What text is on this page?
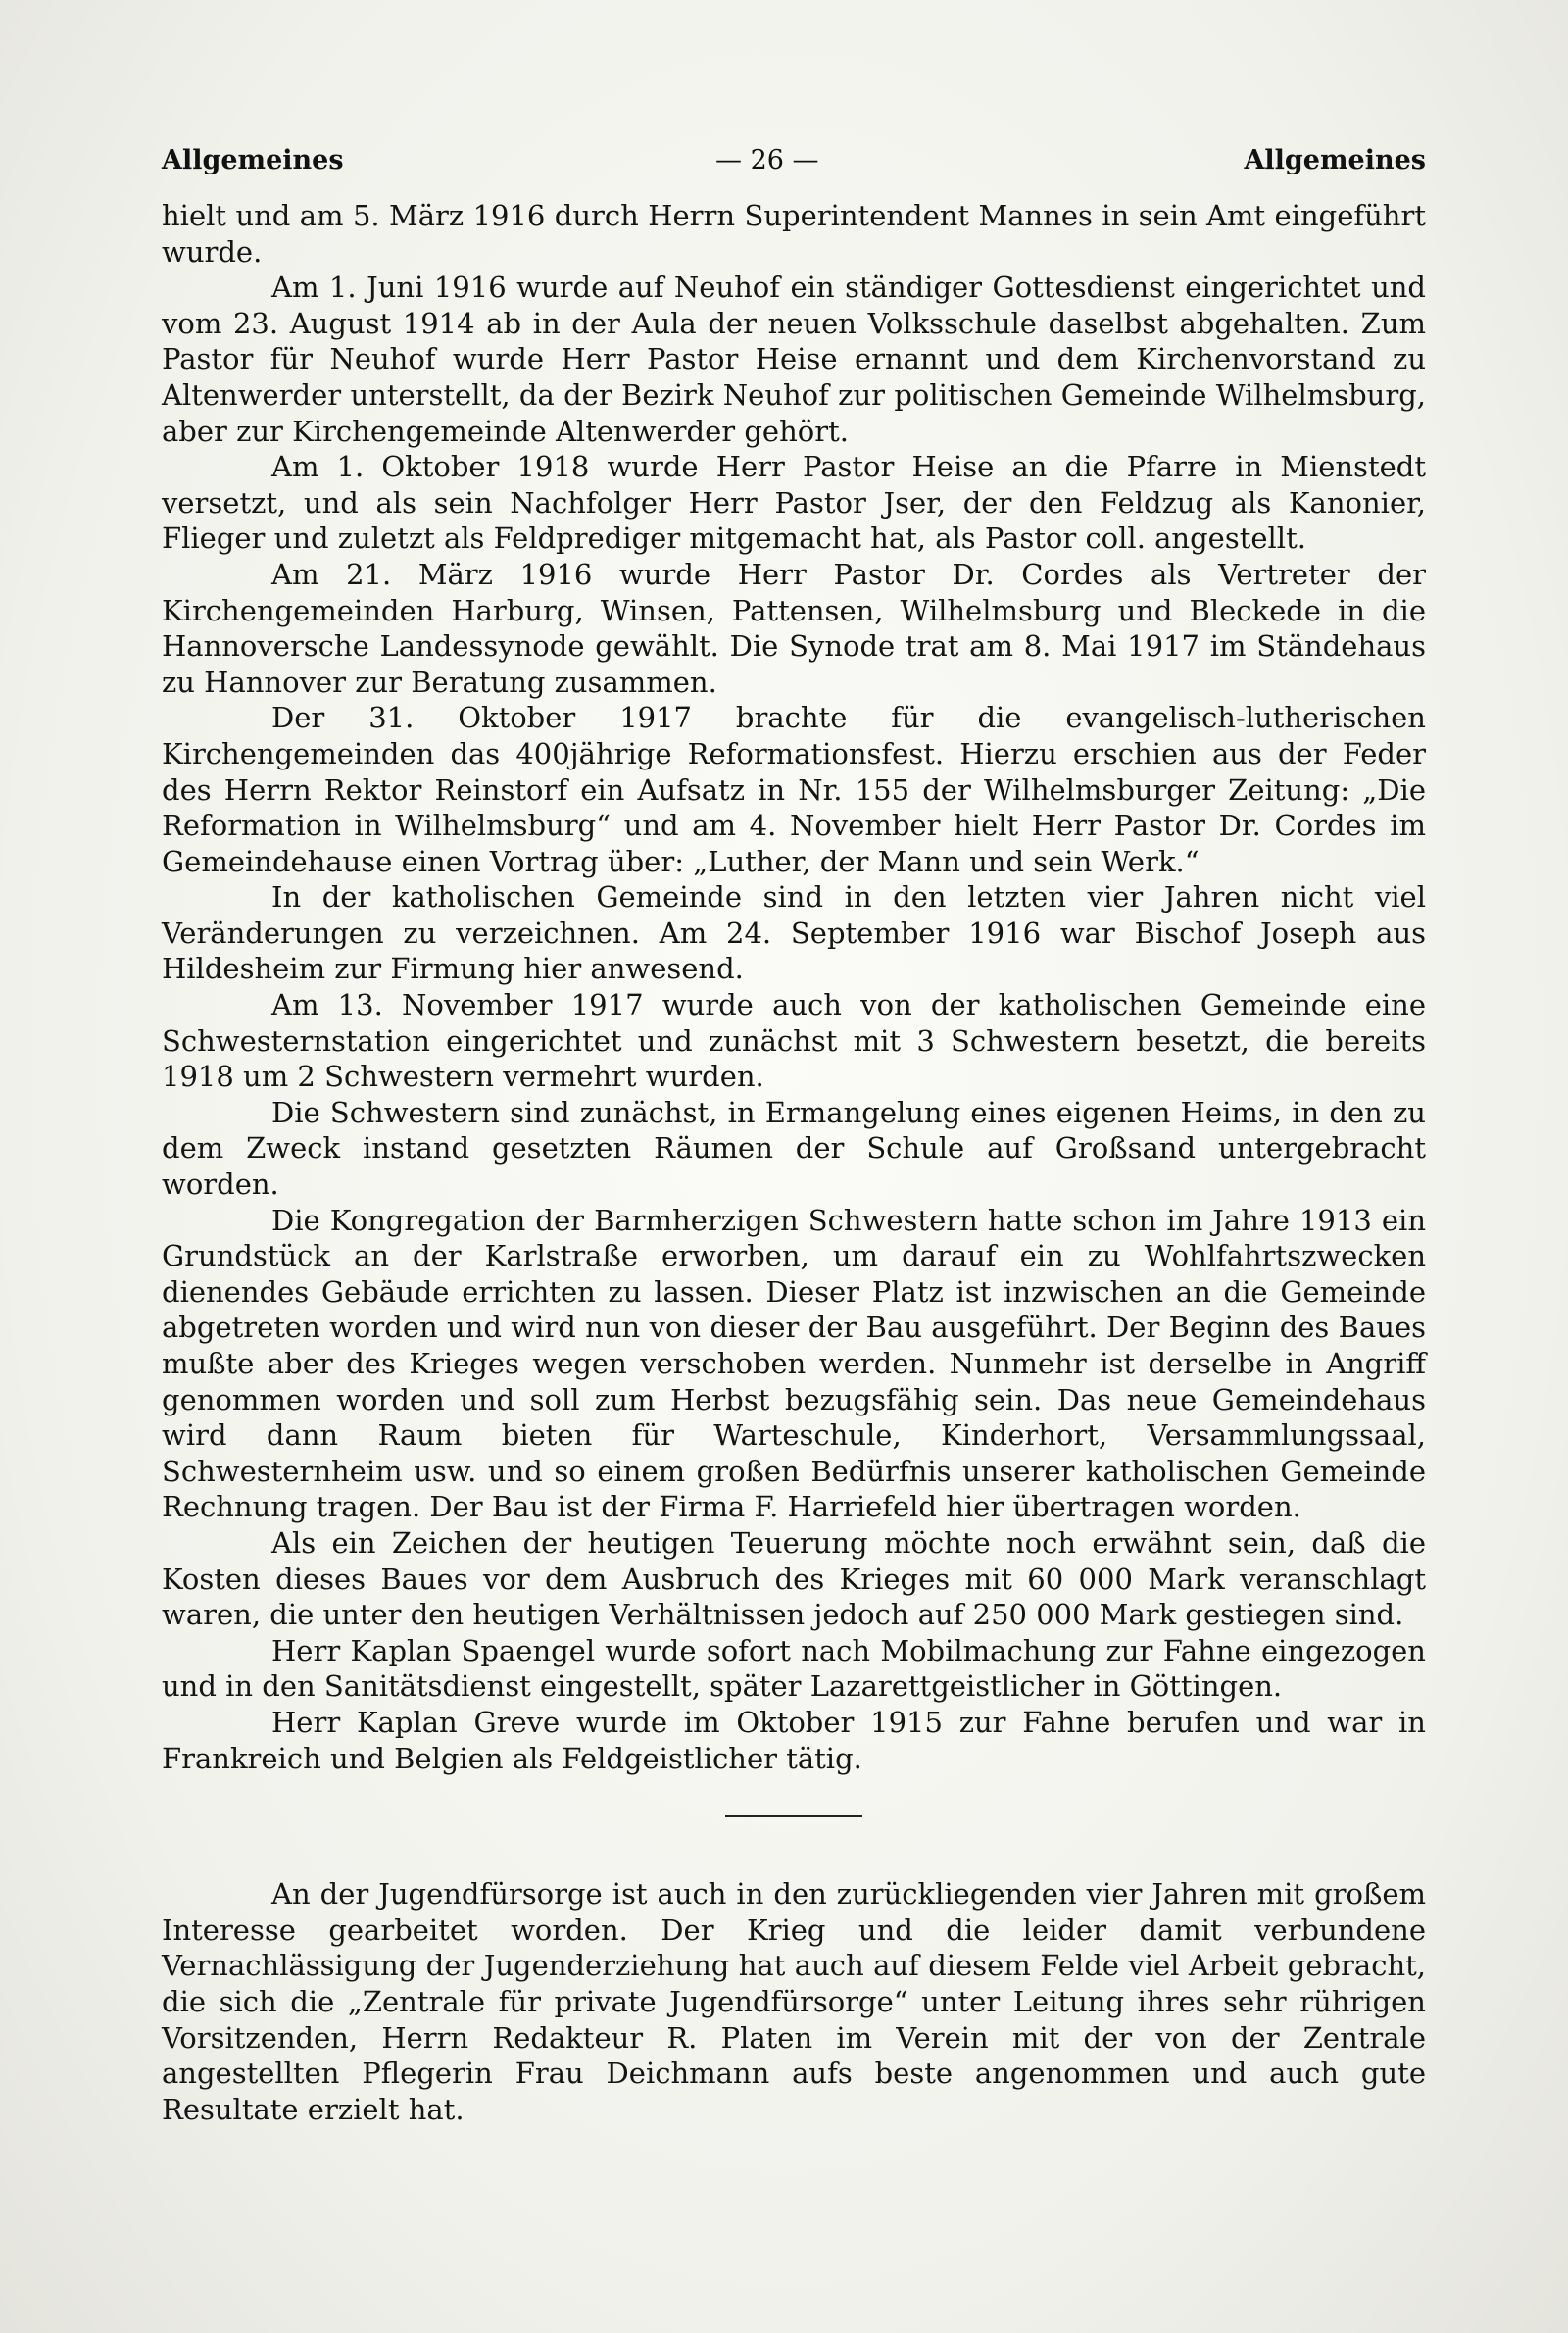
Allgemeines	— 26 —	Allgemeines

hielt und am 5. März 1916 durch Herrn Superintendent Mannes in sein Amt eingeführt wurde.

Am 1. Juni 1916 wurde auf Neuhof ein ständiger Gottesdienst eingerichtet und vom 23. August 1914 ab in der Aula der neuen Volksschule daselbst abgehalten. Zum Pastor für Neuhof wurde Herr Pastor Heise ernannt und dem Kirchenvorstand zu Altenwerder unterstellt, da der Bezirk Neuhof zur politischen Gemeinde Wilhelmsburg, aber zur Kirchengemeinde Altenwerder gehört.

Am 1. Oktober 1918 wurde Herr Pastor Heise an die Pfarre in Mienstedt versetzt, und als sein Nachfolger Herr Pastor Jser, der den Feldzug als Kanonier, Flieger und zuletzt als Feldprediger mitgemacht hat, als Pastor coll. angestellt.

Am 21. März 1916 wurde Herr Pastor Dr. Cordes als Vertreter der Kirchengemeinden Harburg, Winsen, Pattensen, Wilhelmsburg und Bleckede in die Hannoversche Landessynode gewählt. Die Synode trat am 8. Mai 1917 im Ständehaus zu Hannover zur Beratung zusammen.

Der 31. Oktober 1917 brachte für die evangelisch-lutherischen Kirchengemeinden das 400jährige Reformationsfest. Hierzu erschien aus der Feder des Herrn Rektor Reinstorf ein Aufsatz in Nr. 155 der Wilhelmsburger Zeitung: „Die Reformation in Wilhelmsburg“ und am 4. November hielt Herr Pastor Dr. Cordes im Gemeindehause einen Vortrag über: „Luther, der Mann und sein Werk.“

In der katholischen Gemeinde sind in den letzten vier Jahren nicht viel Veränderungen zu verzeichnen. Am 24. September 1916 war Bischof Joseph aus Hildesheim zur Firmung hier anwesend.

Am 13. November 1917 wurde auch von der katholischen Gemeinde eine Schwesternstation eingerichtet und zunächst mit 3 Schwestern besetzt, die bereits 1918 um 2 Schwestern vermehrt wurden.

Die Schwestern sind zunächst, in Ermangelung eines eigenen Heims, in den zu dem Zweck instand gesetzten Räumen der Schule auf Großsand untergebracht worden.

Die Kongregation der Barmherzigen Schwestern hatte schon im Jahre 1913 ein Grundstück an der Karlstraße erworben, um darauf ein zu Wohlfahrtszwecken dienendes Gebäude errichten zu lassen. Dieser Platz ist inzwischen an die Gemeinde abgetreten worden und wird nun von dieser der Bau ausgeführt. Der Beginn des Baues mußte aber des Krieges wegen verschoben werden. Nunmehr ist derselbe in Angriff genommen worden und soll zum Herbst bezugsfähig sein. Das neue Gemeindehaus wird dann Raum bieten für Warteschule, Kinderhort, Versammlungssaal, Schwesternheim usw. und so einem großen Bedürfnis unserer katholischen Gemeinde Rechnung tragen. Der Bau ist der Firma F. Harriefeld hier übertragen worden.

Als ein Zeichen der heutigen Teuerung möchte noch erwähnt sein, daß die Kosten dieses Baues vor dem Ausbruch des Krieges mit 60 000 Mark veranschlagt waren, die unter den heutigen Verhältnissen jedoch auf 250 000 Mark gestiegen sind.

Herr Kaplan Spaengel wurde sofort nach Mobilmachung zur Fahne eingezogen und in den Sanitätsdienst eingestellt, später Lazarettgeistlicher in Göttingen.

Herr Kaplan Greve wurde im Oktober 1915 zur Fahne berufen und war in Frankreich und Belgien als Feldgeistlicher tätig.

An der Jugendfürsorge ist auch in den zurückliegenden vier Jahren mit großem Interesse gearbeitet worden. Der Krieg und die leider damit verbundene Vernachlässigung der Jugenderziehung hat auch auf diesem Felde viel Arbeit gebracht, die sich die „Zentrale für private Jugendfürsorge“ unter Leitung ihres sehr rührigen Vorsitzenden, Herrn Redakteur R. Platen im Verein mit der von der Zentrale angestellten Pflegerin Frau Deichmann aufs beste angenommen und auch gute Resultate erzielt hat.
